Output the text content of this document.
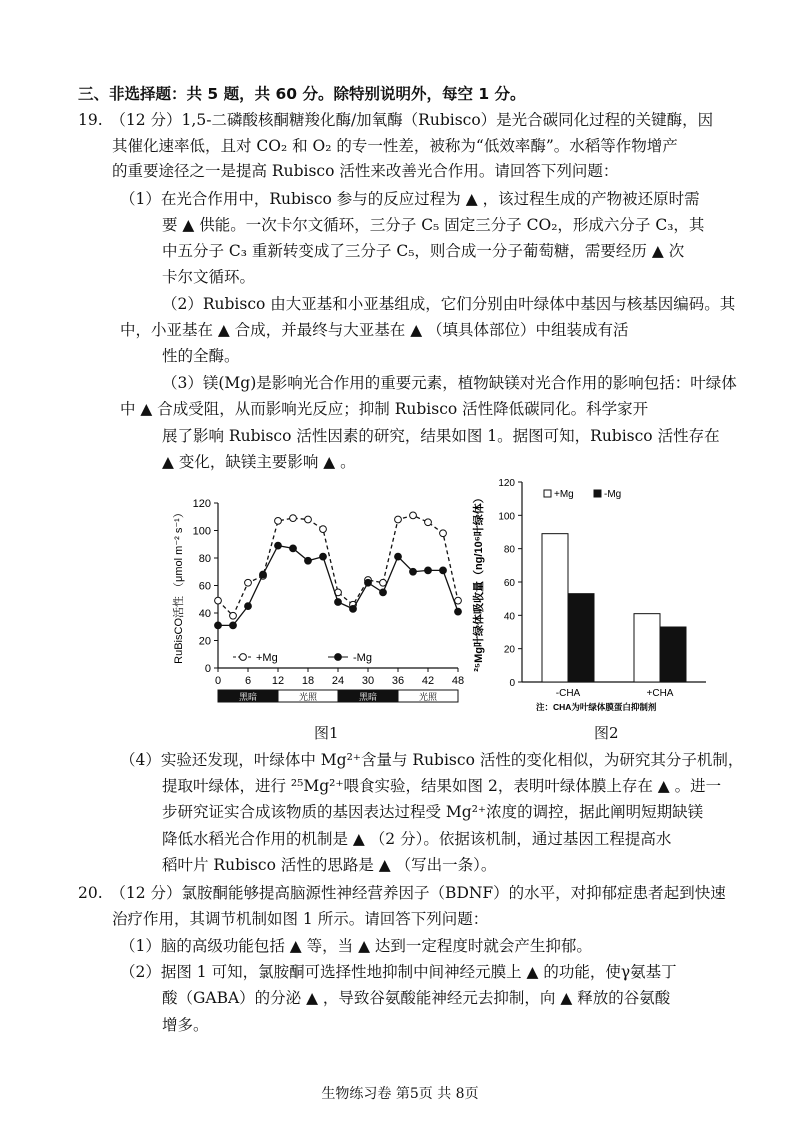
三、非选择题：共 5 题，共 60 分。除特别说明外，每空 1 分。
19.　（12 分）1,5-二磷酸核酮糖羧化酶/加氧酶（Rubisco）是光合碳同化过程的关键酶，因
其催化速率低，且对 CO₂ 和 O₂ 的专一性差，被称为“低效率酶”。水稻等作物增产
的重要途径之一是提高 Rubisco 活性来改善光合作用。请回答下列问题：
（1）在光合作用中，Rubisco 参与的反应过程为 ▲ ，该过程生成的产物被还原时需
要 ▲ 供能。一次卡尔文循环，三分子 C₅ 固定三分子 CO₂，形成六分子 C₃，其
中五分子 C₃ 重新转变成了三分子 C₅，则合成一分子葡萄糖，需要经历 ▲ 次
卡尔文循环。
（2）Rubisco 由大亚基和小亚基组成，它们分别由叶绿体中基因与核基因编码。其
中，小亚基在 ▲ 合成，并最终与大亚基在 ▲ （填具体部位）中组装成有活
性的全酶。
（3）镁(Mg)是影响光合作用的重要元素，植物缺镁对光合作用的影响包括：叶绿体
中 ▲ 合成受阻，从而影响光反应；抑制 Rubisco 活性降低碳同化。科学家开
展了影响 Rubisco 活性因素的研究，结果如图 1。据图可知，Rubisco 活性存在
▲ 变化，缺镁主要影响 ▲ 。
0
20
40
60
80
100
120
0 6 12 18 24 30 36 42 48
RuBisCO活性 （μmol m⁻² s⁻¹）
黑暗	光照	黑暗	光照
+Mg	-Mg
图1
0
20
40
60
80
100
120
²⁵Mg叶绿体吸收量（ng/10⁶叶绿体）
-CHA	+CHA
+Mg	-Mg
注：CHA为叶绿体膜蛋白抑制剂
图2
（4）实验还发现，叶绿体中 Mg²⁺含量与 Rubisco 活性的变化相似，为研究其分子机制，
提取叶绿体，进行 ²⁵Mg²⁺喂食实验，结果如图 2，表明叶绿体膜上存在 ▲ 。进一
步研究证实合成该物质的基因表达过程受 Mg²⁺浓度的调控，据此阐明短期缺镁
降低水稻光合作用的机制是 ▲ （2 分）。依据该机制，通过基因工程提高水
稻叶片 Rubisco 活性的思路是 ▲ （写出一条）。
20.　（12 分）氯胺酮能够提高脑源性神经营养因子（BDNF）的水平，对抑郁症患者起到快速
治疗作用，其调节机制如图 1 所示。请回答下列问题：
（1）脑的高级功能包括 ▲ 等，当 ▲ 达到一定程度时就会产生抑郁。
（2）据图 1 可知，氯胺酮可选择性地抑制中间神经元膜上 ▲ 的功能，使γ氨基丁
酸（GABA）的分泌 ▲ ，导致谷氨酸能神经元去抑制，向 ▲ 释放的谷氨酸
增多。
生物练习卷 第5页 共 8页
